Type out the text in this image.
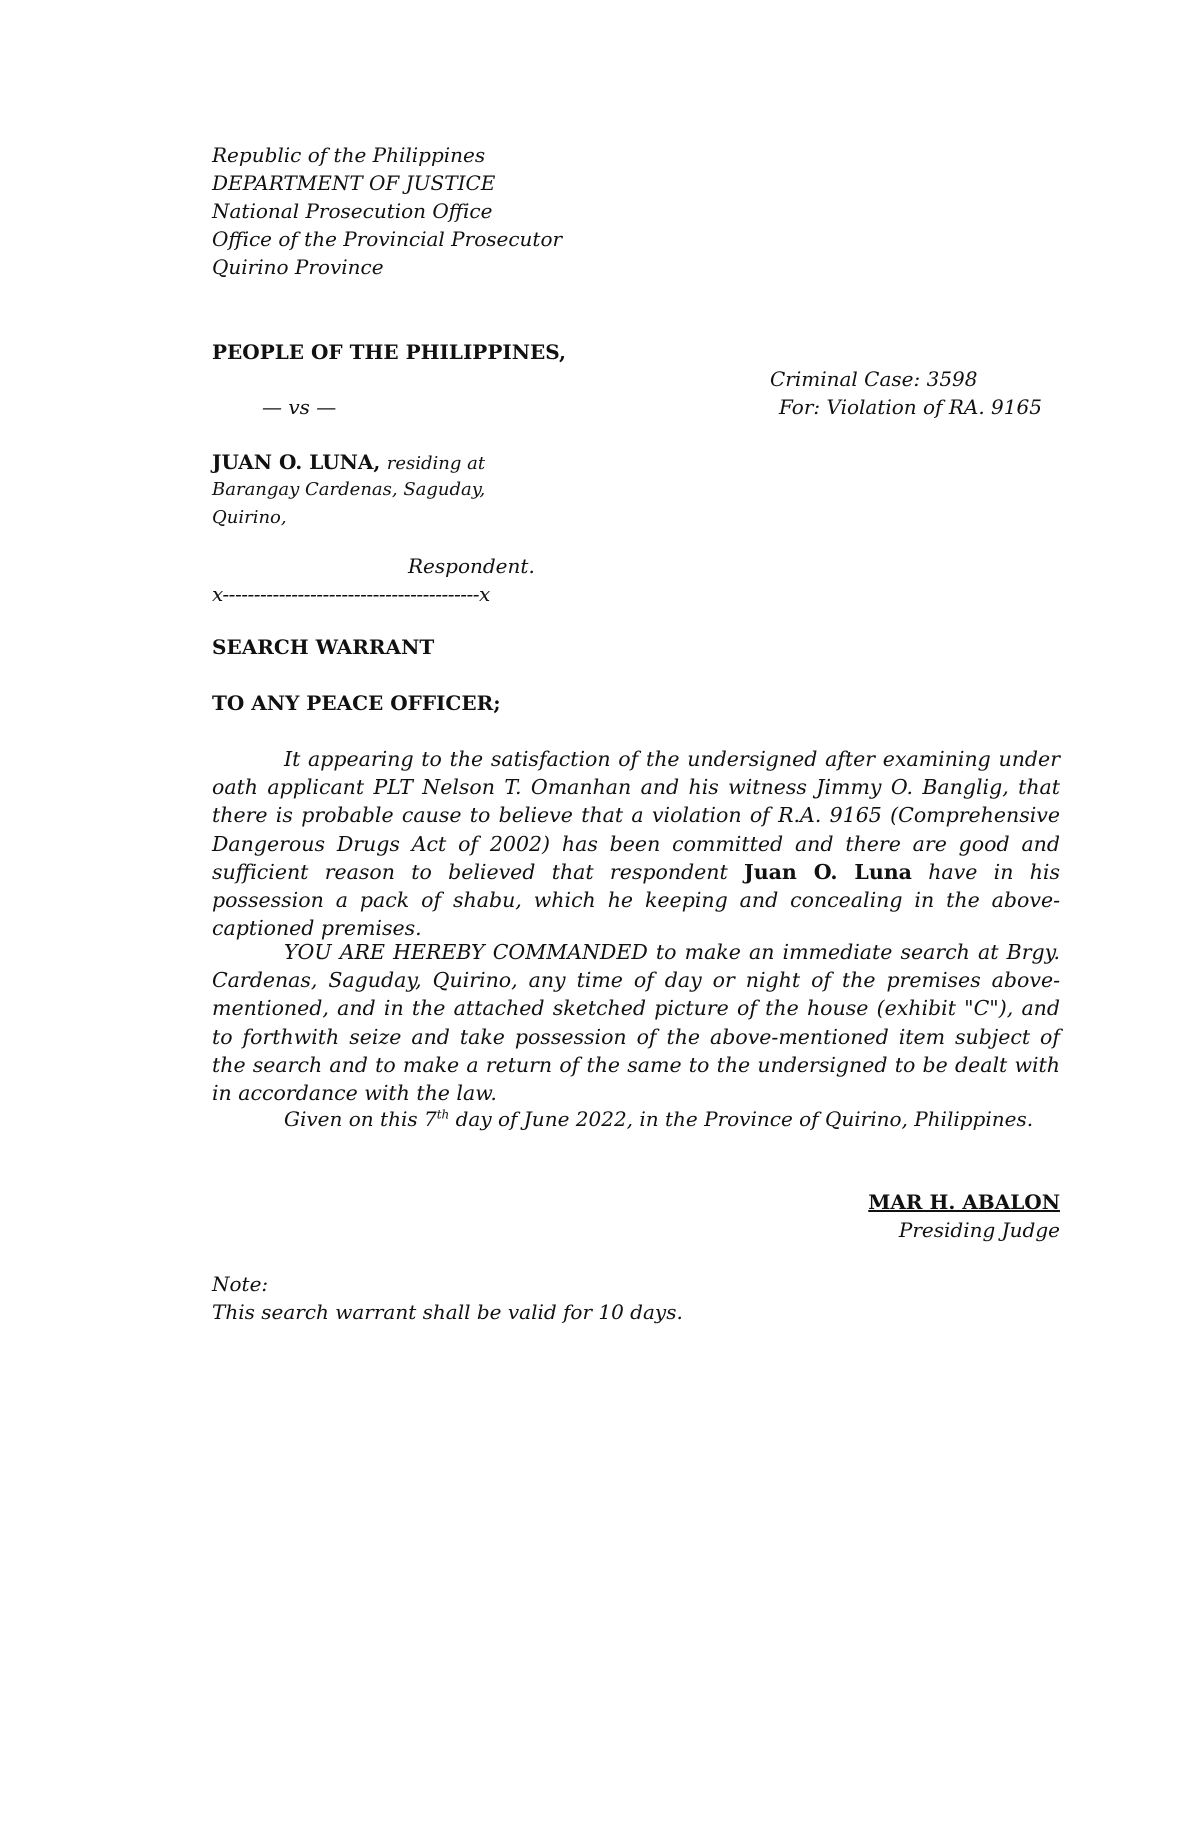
Republic of the Philippines
DEPARTMENT OF JUSTICE
National Prosecution Office
Office of the Provincial Prosecutor
Quirino Province
PEOPLE OF THE PHILIPPINES,
Criminal Case: 3598
— vs —	For: Violation of RA. 9165
JUAN O. LUNA, residing at
Barangay Cardenas, Saguday,
Quirino,
Respondent.
x-----------------------------------------x
SEARCH WARRANT
TO ANY PEACE OFFICER;
It appearing to the satisfaction of the undersigned after examining under oath applicant PLT Nelson T. Omanhan and his witness Jimmy O. Banglig, that there is probable cause to believe that a violation of R.A. 9165 (Comprehensive Dangerous Drugs Act of 2002) has been committed and there are good and sufficient reason to believed that respondent Juan O. Luna have in his possession a pack of shabu, which he keeping and concealing in the above-captioned premises.
YOU ARE HEREBY COMMANDED to make an immediate search at Brgy. Cardenas, Saguday, Quirino, any time of day or night of the premises above-mentioned, and in the attached sketched picture of the house (exhibit "C"), and to forthwith seize and take possession of the above-mentioned item subject of the search and to make a return of the same to the undersigned to be dealt with in accordance with the law.
Given on this 7th day of June 2022, in the Province of Quirino, Philippines.
MAR H. ABALON
Presiding Judge
Note:
This search warrant shall be valid for 10 days.
